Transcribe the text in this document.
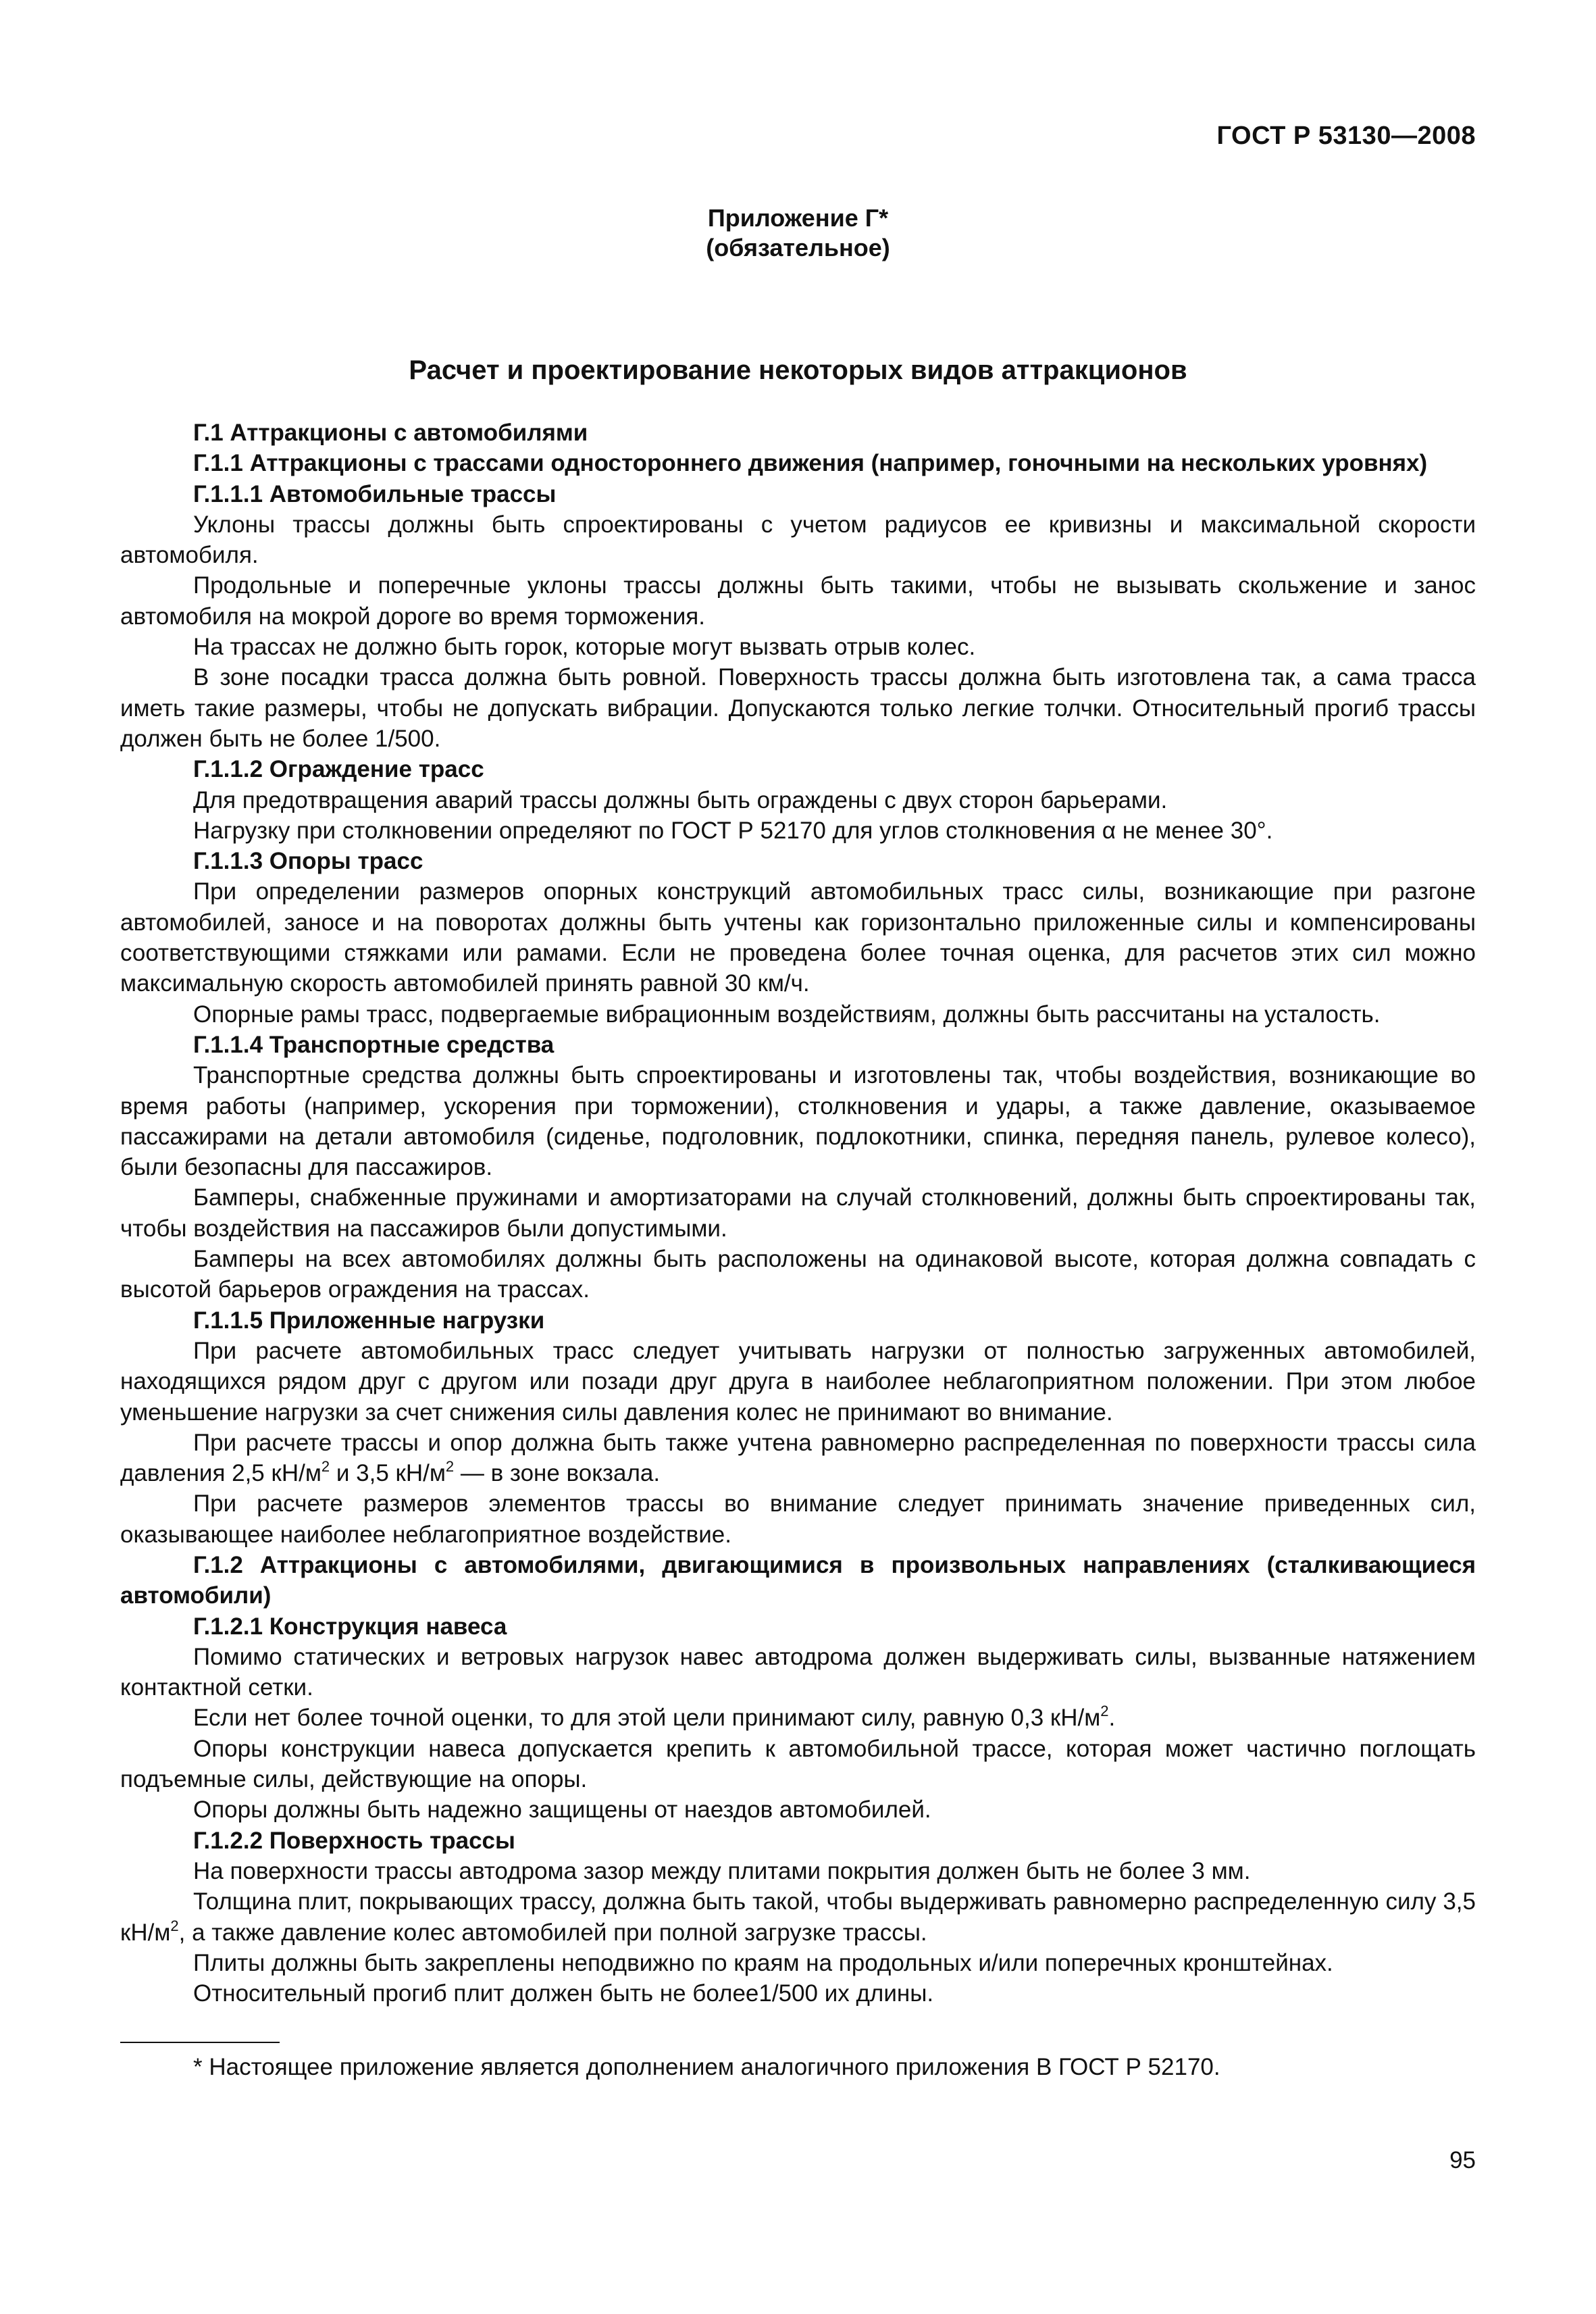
ГОСТ Р 53130—2008
Приложение Г*
(обязательное)
Расчет и проектирование некоторых видов аттракционов

Г.1 Аттракционы с автомобилями

Г.1.1 Аттракционы с трассами одностороннего движения (например, гоночными на нескольких уровнях)

Г.1.1.1 Автомобильные трассы

Уклоны трассы должны быть спроектированы с учетом радиусов ее кривизны и максимальной скорости автомобиля.

Продольные и поперечные уклоны трассы должны быть такими, чтобы не вызывать скольжение и занос автомобиля на мокрой дороге во время торможения.

На трассах не должно быть горок, которые могут вызвать отрыв колес.

В зоне посадки трасса должна быть ровной. Поверхность трассы должна быть изготовлена так, а сама трасса иметь такие размеры, чтобы не допускать вибрации. Допускаются только легкие толчки. Относительный прогиб трассы должен быть не более 1/500.

Г.1.1.2 Ограждение трасс

Для предотвращения аварий трассы должны быть ограждены с двух сторон барьерами.

Нагрузку при столкновении определяют по ГОСТ Р 52170 для углов столкновения α не менее 30°.

Г.1.1.3 Опоры трасс

При определении размеров опорных конструкций автомобильных трасс силы, возникающие при разгоне автомобилей, заносе и на поворотах должны быть учтены как горизонтально приложенные силы и компенсированы соответствующими стяжками или рамами. Если не проведена более точная оценка, для расчетов этих сил можно максимальную скорость автомобилей принять равной 30 км/ч.

Опорные рамы трасс, подвергаемые вибрационным воздействиям, должны быть рассчитаны на усталость.

Г.1.1.4 Транспортные средства

Транспортные средства должны быть спроектированы и изготовлены так, чтобы воздействия, возникающие во время работы (например, ускорения при торможении), столкновения и удары, а также давление, оказываемое пассажирами на детали автомобиля (сиденье, подголовник, подлокотники, спинка, передняя панель, рулевое колесо), были безопасны для пассажиров.

Бамперы, снабженные пружинами и амортизаторами на случай столкновений, должны быть спроектированы так, чтобы воздействия на пассажиров были допустимыми.

Бамперы на всех автомобилях должны быть расположены на одинаковой высоте, которая должна совпадать с высотой барьеров ограждения на трассах.

Г.1.1.5 Приложенные нагрузки

При расчете автомобильных трасс следует учитывать нагрузки от полностью загруженных автомобилей, находящихся рядом друг с другом или позади друг друга в наиболее неблагоприятном положении. При этом любое уменьшение нагрузки за счет снижения силы давления колес не принимают во внимание.

При расчете трассы и опор должна быть также учтена равномерно распределенная по поверхности трассы сила давления 2,5 $кН/м^2$ и 3,5 $кН/м^2$ — в зоне вокзала.

При расчете размеров элементов трассы во внимание следует принимать значение приведенных сил, оказывающее наиболее неблагоприятное воздействие.

Г.1.2 Аттракционы с автомобилями, двигающимися в произвольных направлениях (сталкивающиеся автомобили)

Г.1.2.1 Конструкция навеса

Помимо статических и ветровых нагрузок навес автодрома должен выдерживать силы, вызванные натяжением контактной сетки.

Если нет более точной оценки, то для этой цели принимают силу, равную 0,3 $кН/м^2$.

Опоры конструкции навеса допускается крепить к автомобильной трассе, которая может частично поглощать подъемные силы, действующие на опоры.

Опоры должны быть надежно защищены от наездов автомобилей.

Г.1.2.2 Поверхность трассы

На поверхности трассы автодрома зазор между плитами покрытия должен быть не более 3 мм.

Толщина плит, покрывающих трассу, должна быть такой, чтобы выдерживать равномерно распределенную силу 3,5 $кН/м^2$, а также давление колес автомобилей при полной загрузке трассы.

Плиты должны быть закреплены неподвижно по краям на продольных и/или поперечных кронштейнах.

Относительный прогиб плит должен быть не более1/500 их длины.

* Настоящее приложение является дополнением аналогичного приложения В ГОСТ Р 52170.
95
